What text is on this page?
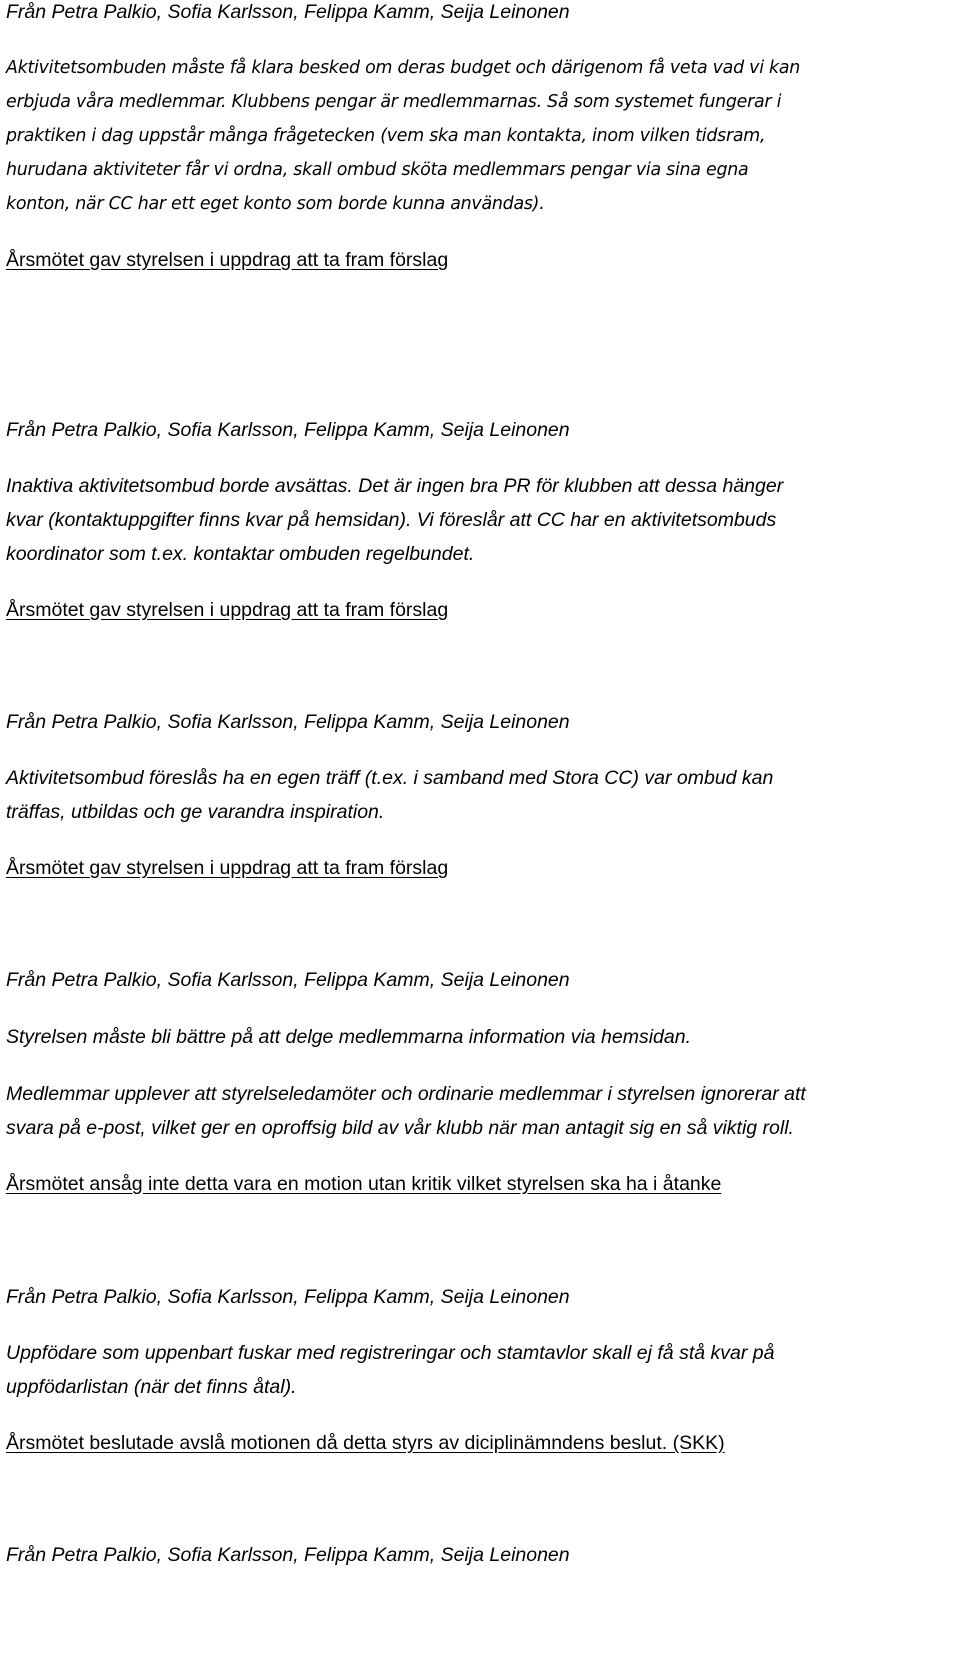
Från Petra Palkio, Sofia Karlsson, Felippa Kamm, Seija Leinonen

Aktivitetsombuden måste få klara besked om deras budget och därigenom få veta vad vi kan

erbjuda våra medlemmar. Klubbens pengar är medlemmarnas. Så som systemet fungerar i

praktiken i dag uppstår många frågetecken (vem ska man kontakta, inom vilken tidsram,

hurudana aktiviteter får vi ordna, skall ombud sköta medlemmars pengar via sina egna

konton, när CC har ett eget konto som borde kunna användas).

Årsmötet gav styrelsen i uppdrag att ta fram förslag

Från Petra Palkio, Sofia Karlsson, Felippa Kamm, Seija Leinonen

Inaktiva aktivitetsombud borde avsättas. Det är ingen bra PR för klubben att dessa hänger

kvar (kontaktuppgifter finns kvar på hemsidan). Vi föreslår att CC har en aktivitetsombuds

koordinator som t.ex. kontaktar ombuden regelbundet.

Årsmötet gav styrelsen i uppdrag att ta fram förslag

Från Petra Palkio, Sofia Karlsson, Felippa Kamm, Seija Leinonen

Aktivitetsombud föreslås ha en egen träff (t.ex. i samband med Stora CC) var ombud kan

träffas, utbildas och ge varandra inspiration.

Årsmötet gav styrelsen i uppdrag att ta fram förslag

Från Petra Palkio, Sofia Karlsson, Felippa Kamm, Seija Leinonen

Styrelsen måste bli bättre på att delge medlemmarna information via hemsidan.

Medlemmar upplever att styrelseledamöter och ordinarie medlemmar i styrelsen ignorerar att

svara på e-post, vilket ger en oproffsig bild av vår klubb när man antagit sig en så viktig roll.

Årsmötet ansåg inte detta vara en motion utan kritik vilket styrelsen ska ha i åtanke

Från Petra Palkio, Sofia Karlsson, Felippa Kamm, Seija Leinonen

Uppfödare som uppenbart fuskar med registreringar och stamtavlor skall ej få stå kvar på

uppfödarlistan (när det finns åtal).

Årsmötet beslutade avslå motionen då detta styrs av diciplinämndens beslut. (SKK)

Från Petra Palkio, Sofia Karlsson, Felippa Kamm, Seija Leinonen
